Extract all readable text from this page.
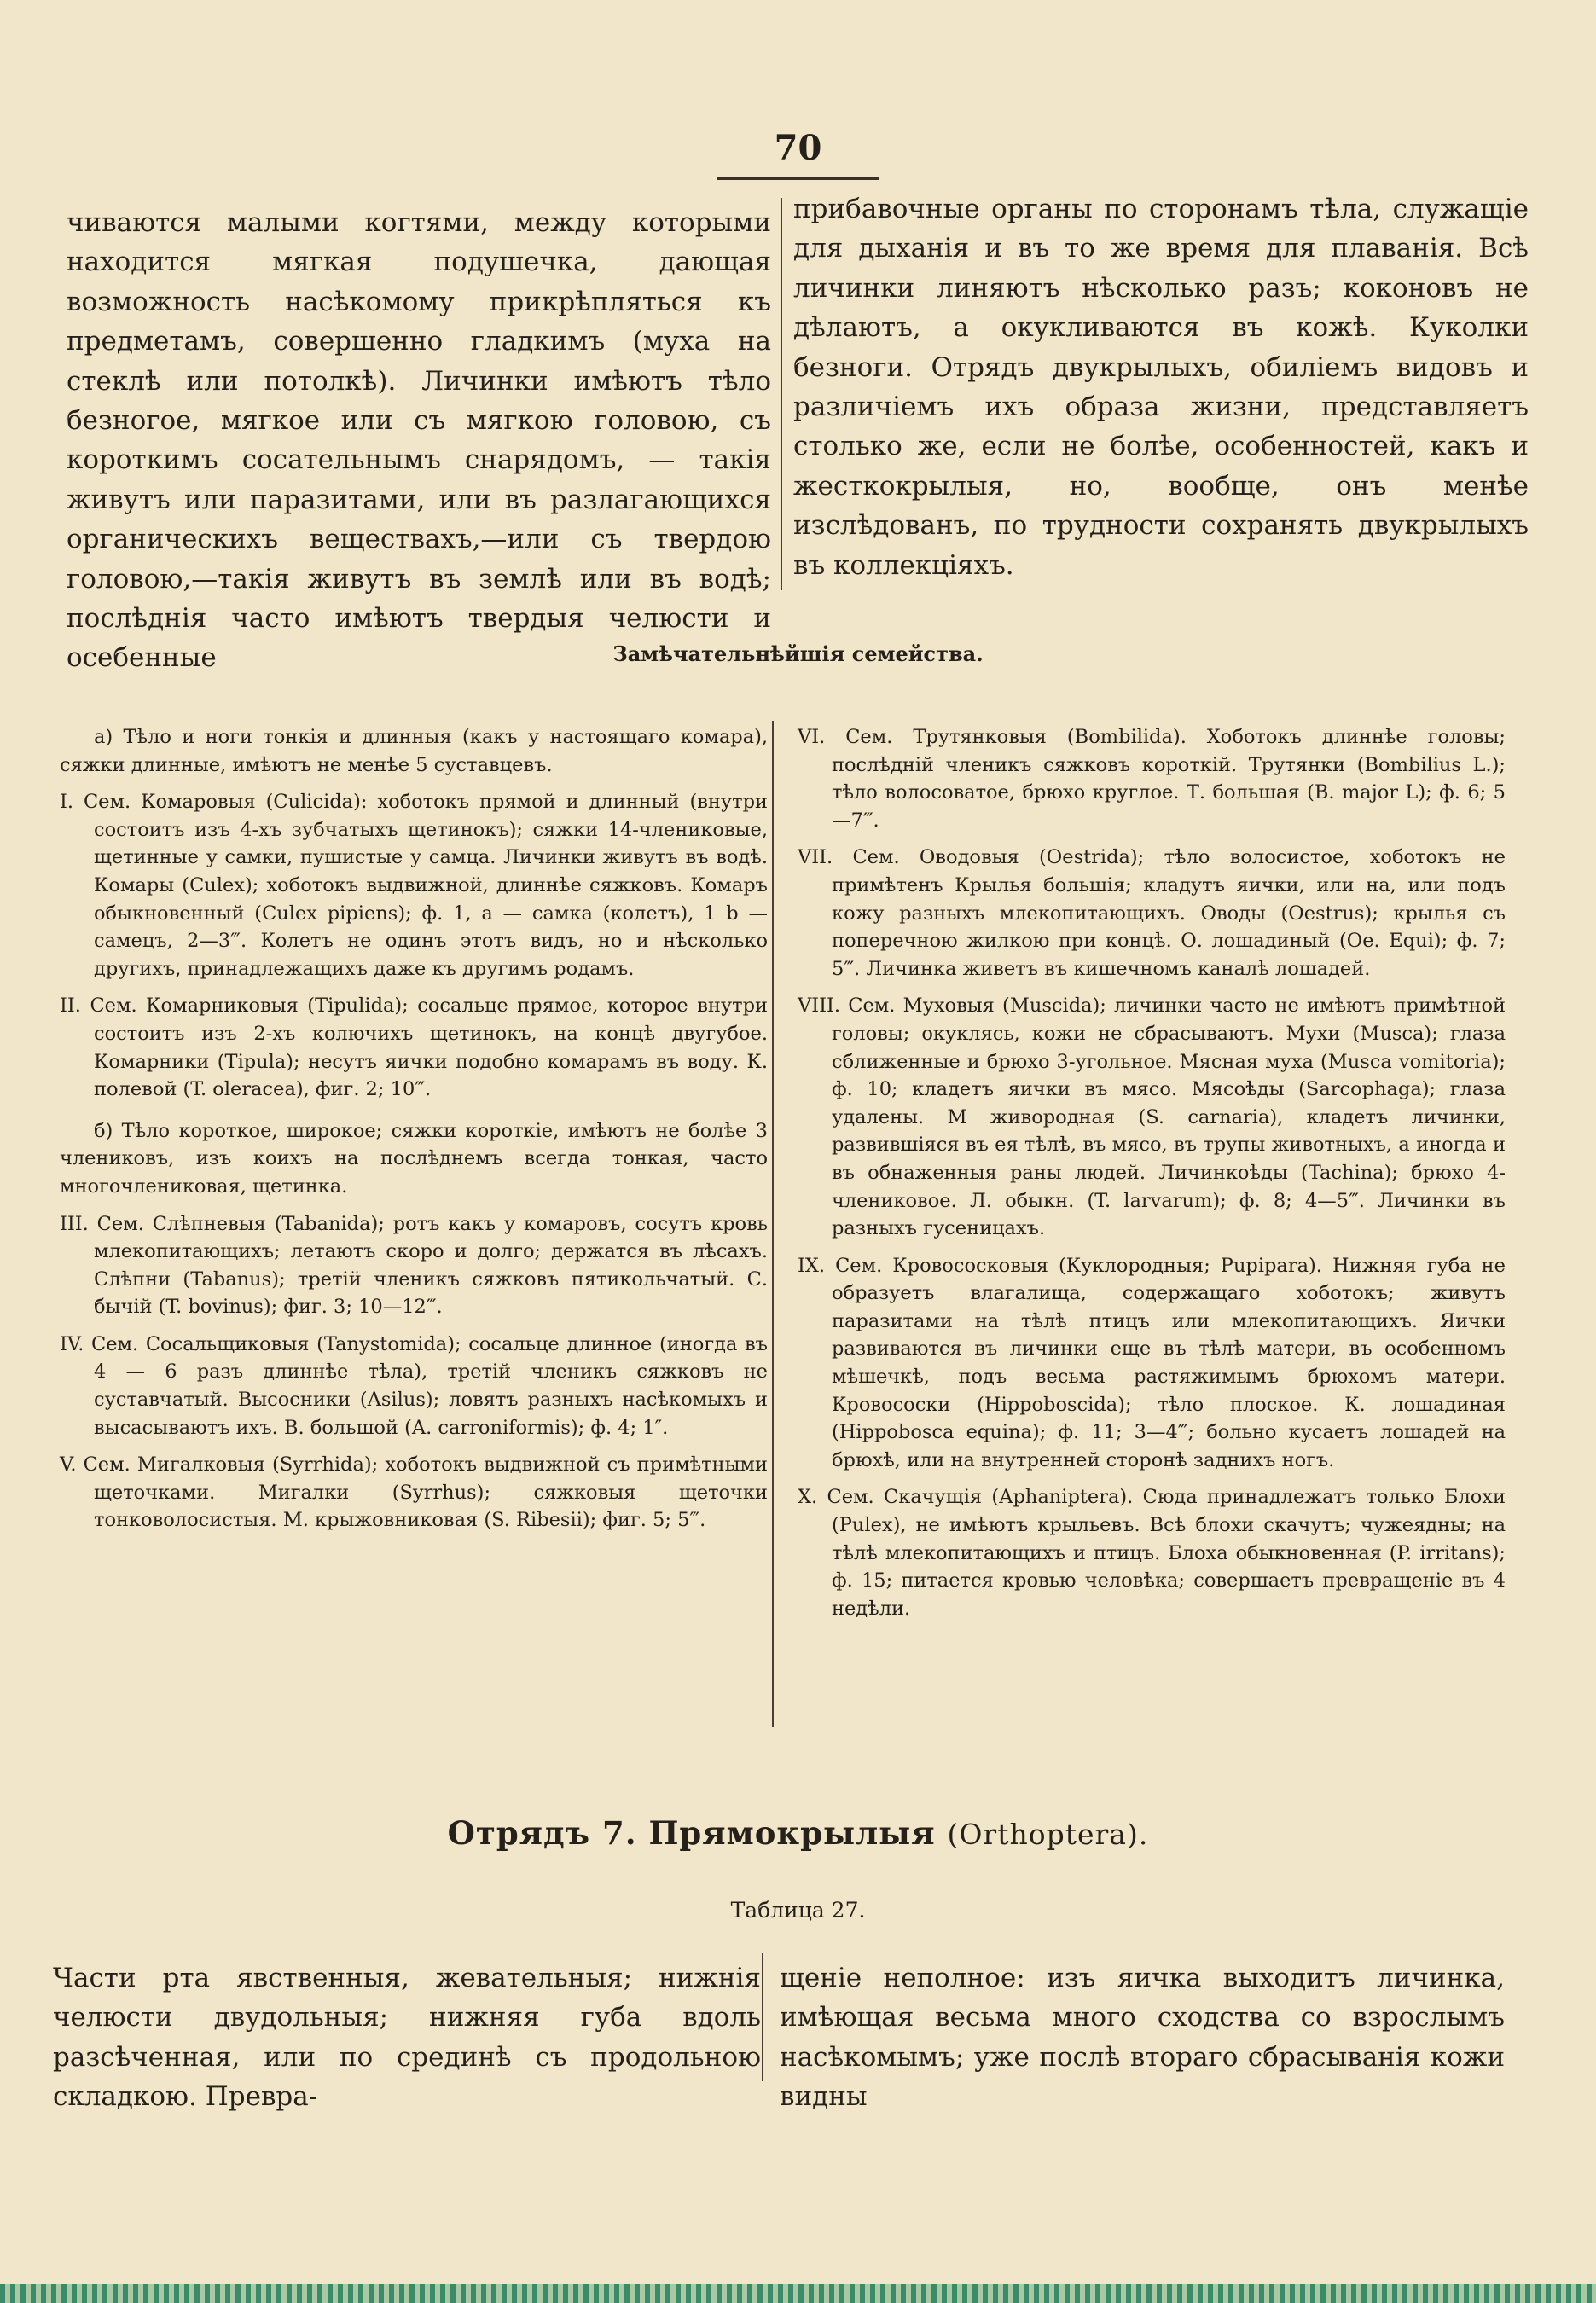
70

чиваются малыми когтями, между которыми находится мягкая подушечка, дающая возможность насѣкомому прикрѣпляться къ предметамъ, совершенно гладкимъ (муха на стеклѣ или потолкѣ). Личинки имѣютъ тѣло безногое, мягкое или съ мягкою головою, съ короткимъ сосательнымъ снарядомъ, — такія живутъ или паразитами, или въ разлагающихся органическихъ веществахъ,—или съ твердою головою,—такія живутъ въ землѣ или въ водѣ; послѣднія часто имѣютъ твердыя челюсти и осебенные

прибавочные органы по сторонамъ тѣла, служащіе для дыханія и въ то же время для плаванія. Всѣ личинки линяютъ нѣсколько разъ; коконовъ не дѣлаютъ, а окукливаются въ кожѣ. Куколки безноги. Отрядъ двукрылыхъ, обиліемъ видовъ и различіемъ ихъ образа жизни, представляетъ столько же, если не болѣе, особенностей, какъ и жесткокрылыя, но, вообще, онъ менѣе изслѣдованъ, по трудности сохранять двукрылыхъ въ коллекціяхъ.

Замѣчательнѣйшія семейства.

а) Тѣло и ноги тонкія и длинныя (какъ у настоящаго комара), сяжки длинные, имѣютъ не менѣе 5 суставцевъ.

I. Сем. Комаровыя (Culicida): хоботокъ прямой и длинный (внутри состоитъ изъ 4-хъ зубчатыхъ щетинокъ); сяжки 14-члениковые, щетинные у самки, пушистые у самца. Личинки живутъ въ водѣ. Комары (Culex); хоботокъ выдвижной, длиннѣе сяжковъ. Комаръ обыкновенный (Culex pipiens); ф. 1, a — самка (колетъ), 1 b — самецъ, 2—3‴. Колетъ не одинъ этотъ видъ, но и нѣсколько другихъ, принадлежащихъ даже къ другимъ родамъ.

II. Сем. Комарниковыя (Tipulida); сосальце прямое, которое внутри состоитъ изъ 2-хъ колючихъ щетинокъ, на концѣ двугубое. Комарники (Tipula); несутъ яички подобно комарамъ въ воду. К. полевой (T. oleracea), фиг. 2; 10‴.

б) Тѣло короткое, широкое; сяжки короткіе, имѣютъ не болѣе 3 члениковъ, изъ коихъ на послѣднемъ всегда тонкая, часто многочлениковая, щетинка.

III. Сем. Слѣпневыя (Tabanida); ротъ какъ у комаровъ, сосутъ кровь млекопитающихъ; летаютъ скоро и долго; держатся въ лѣсахъ. Слѣпни (Tabanus); третій членикъ сяжковъ пятикольчатый. С. бычій (T. bovinus); фиг. 3; 10—12‴.

IV. Сем. Сосальщиковыя (Tanystomida); сосальце длинное (иногда въ 4 — 6 разъ длиннѣе тѣла), третій членикъ сяжковъ не суставчатый. Высосники (Asilus); ловятъ разныхъ насѣкомыхъ и высасываютъ ихъ. В. большой (A. carroniformis); ф. 4; 1″.

V. Сем. Мигалковыя (Syrrhida); хоботокъ выдвижной съ примѣтными щеточками. Мигалки (Syrrhus); сяжковыя щеточки тонковолосистыя. М. крыжовниковая (S. Ribesii); фиг. 5; 5‴.

VI. Сем. Трутянковыя (Bombilida). Хоботокъ длиннѣе головы; послѣдній членикъ сяжковъ короткій. Трутянки (Bombilius L.); тѣло волосоватое, брюхо круглое. Т. большая (B. major L); ф. 6; 5—7‴.

VII. Сем. Оводовыя (Oestrida); тѣло волосистое, хоботокъ не примѣтенъ Крылья большія; кладутъ яички, или на, или подъ кожу разныхъ млекопитающихъ. Оводы (Oestrus); крылья съ поперечною жилкою при концѣ. О. лошадиный (Oe. Equi); ф. 7; 5‴. Личинка живетъ въ кишечномъ каналѣ лошадей.

VIII. Сем. Муховыя (Muscida); личинки часто не имѣютъ примѣтной головы; окуклясь, кожи не сбрасываютъ. Мухи (Musca); глаза сближенные и брюхо 3-угольное. Мясная муха (Musca vomitoria); ф. 10; кладетъ яички въ мясо. Мясоѣды (Sarcophaga); глаза удалены. М живородная (S. carnaria), кладетъ личинки, развившіяся въ ея тѣлѣ, въ мясо, въ трупы животныхъ, а иногда и въ обнаженныя раны людей. Личинкоѣды (Tachina); брюхо 4-члениковое. Л. обыкн. (T. larvarum); ф. 8; 4—5‴. Личинки въ разныхъ гусеницахъ.

IX. Сем. Кровососковыя (Куклородныя; Pupipara). Нижняя губа не образуетъ влагалища, содержащаго хоботокъ; живутъ паразитами на тѣлѣ птицъ или млекопитающихъ. Яички развиваются въ личинки еще въ тѣлѣ матери, въ особенномъ мѣшечкѣ, подъ весьма растяжимымъ брюхомъ матери. Кровососки (Hippoboscida); тѣло плоское. К. лошадиная (Hippobosca equina); ф. 11; 3—4‴; больно кусаетъ лошадей на брюхѣ, или на внутренней сторонѣ заднихъ ногъ.

X. Сем. Скачущія (Aphaniptera). Сюда принадлежатъ только Блохи (Pulex), не имѣютъ крыльевъ. Всѣ блохи скачутъ; чужеядны; на тѣлѣ млекопитающихъ и птицъ. Блоха обыкновенная (P. irritans); ф. 15; питается кровью человѣка; совершаетъ превращеніе въ 4 недѣли.

Отрядъ 7. Прямокрылыя (Orthoptera).
Таблица 27.

Части рта явственныя, жевательныя; нижнія челюсти двудольныя; нижняя губа вдоль разсѣченная, или по срединѣ съ продольною складкою. Превра-

щеніе неполное: изъ яичка выходитъ личинка, имѣющая весьма много сходства со взрослымъ насѣкомымъ; уже послѣ втораго сбрасыванія кожи видны
